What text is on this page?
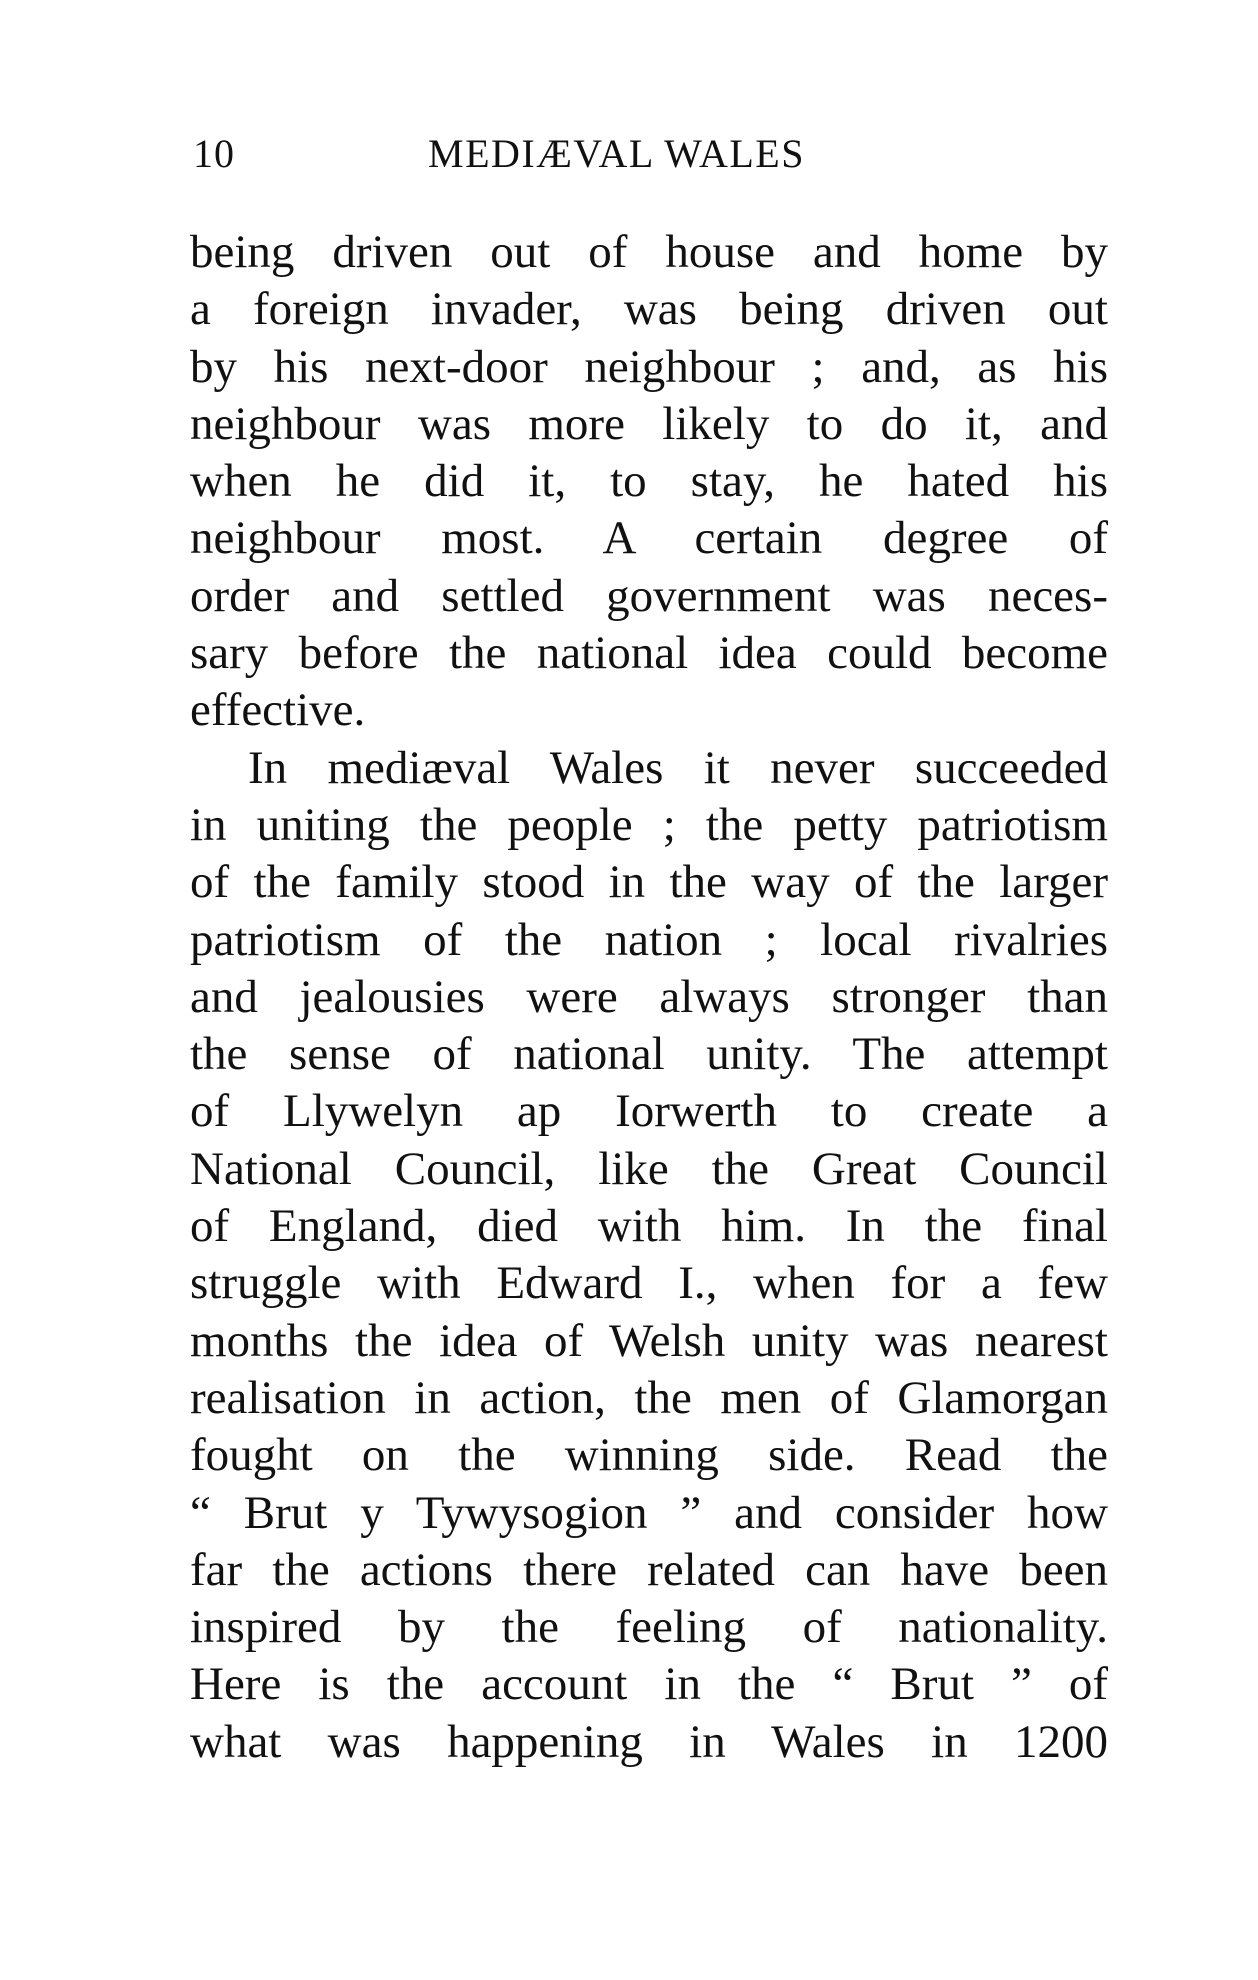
10	MEDIÆVAL WALES
being driven out of house and home by
a foreign invader, was being driven out
by his next-door neighbour ; and, as his
neighbour was more likely to do it, and
when he did it, to stay, he hated his
neighbour most. A certain degree of
order and settled government was neces-
sary before the national idea could become
effective.
In mediæval Wales it never succeeded
in uniting the people ; the petty patriotism
of the family stood in the way of the larger
patriotism of the nation ; local rivalries
and jealousies were always stronger than
the sense of national unity. The attempt
of Llywelyn ap Iorwerth to create a
National Council, like the Great Council
of England, died with him. In the final
struggle with Edward I., when for a few
months the idea of Welsh unity was nearest
realisation in action, the men of Glamorgan
fought on the winning side. Read the
“ Brut y Tywysogion ” and consider how
far the actions there related can have been
inspired by the feeling of nationality.
Here is the account in the “ Brut ” of
what was happening in Wales in 1200
